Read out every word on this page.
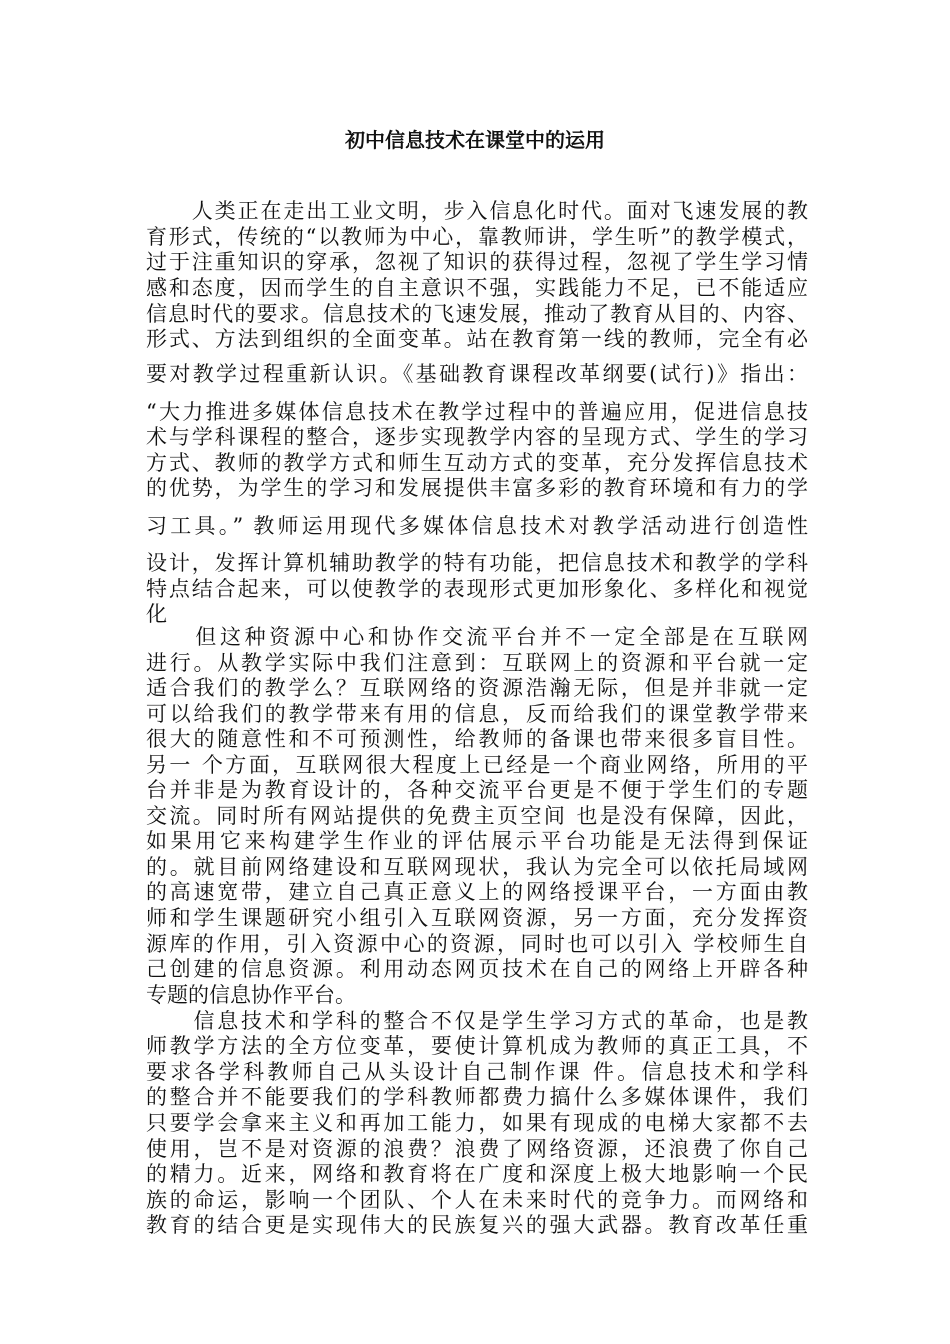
初中信息技术在课堂中的运用

　　人类正在走出工业文明，步入信息化时代。面对飞速发展的教

育形式，传统的“以教师为中心，靠教师讲，学生听”的教学模式，

过于注重知识的穿承，忽视了知识的获得过程，忽视了学生学习情

感和态度，因而学生的自主意识不强，实践能力不足，已不能适应

信息时代的要求。信息技术的飞速发展，推动了教育从目的、内容、

形式、方法到组织的全面变革。站在教育第一线的教师，完全有必

要对教学过程重新认识。《基础教育课程改革纲要(试行)》指出：

“大力推进多媒体信息技术在教学过程中的普遍应用，促进信息技

术与学科课程的整合，逐步实现教学内容的呈现方式、学生的学习

方式、教师的教学方式和师生互动方式的变革，充分发挥信息技术

的优势，为学生的学习和发展提供丰富多彩的教育环境和有力的学

习工具。” 教师运用现代多媒体信息技术对教学活动进行创造性

设计，发挥计算机辅助教学的特有功能，把信息技术和教学的学科

特点结合起来，可以使教学的表现形式更加形象化、多样化和视觉

化

　　但这种资源中心和协作交流平台并不一定全部是在互联网

进行。从教学实际中我们注意到：互联网上的资源和平台就一定

适合我们的教学么？互联网络的资源浩瀚无际，但是并非就一定

可以给我们的教学带来有用的信息，反而给我们的课堂教学带来

很大的随意性和不可预测性，给教师的备课也带来很多盲目性。

另一 个方面，互联网很大程度上已经是一个商业网络，所用的平

台并非是为教育设计的，各种交流平台更是不便于学生们的专题

交流。同时所有网站提供的免费主页空间 也是没有保障，因此，

如果用它来构建学生作业的评估展示平台功能是无法得到保证

的。就目前网络建设和互联网现状，我认为完全可以依托局域网

的高速宽带，建立自己真正意义上的网络授课平台，一方面由教

师和学生课题研究小组引入互联网资源，另一方面，充分发挥资

源库的作用，引入资源中心的资源，同时也可以引入 学校师生自

己创建的信息资源。利用动态网页技术在自己的网络上开辟各种

专题的信息协作平台。

　　信息技术和学科的整合不仅是学生学习方式的革命，也是教

师教学方法的全方位变革，要使计算机成为教师的真正工具，不

要求各学科教师自己从头设计自己制作课 件。信息技术和学科

的整合并不能要我们的学科教师都费力搞什么多媒体课件，我们

只要学会拿来主义和再加工能力，如果有现成的电梯大家都不去

使用，岂不是对资源的浪费？浪费了网络资源，还浪费了你自己

的精力。近来，网络和教育将在广度和深度上极大地影响一个民

族的命运，影响一个团队、个人在未来时代的竞争力。而网络和

教育的结合更是实现伟大的民族复兴的强大武器。教育改革任重
